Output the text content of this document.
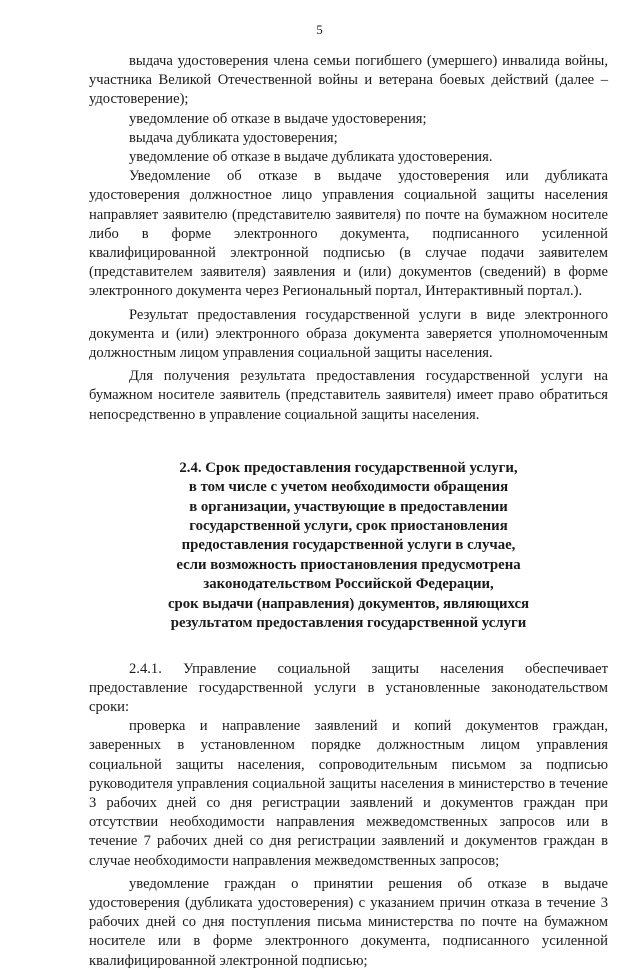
5

выдача удостоверения члена семьи погибшего (умершего) инвалида войны, участника Великой Отечественной войны и ветерана боевых действий (далее – удостоверение);

уведомление об отказе в выдаче удостоверения;

выдача дубликата удостоверения;

уведомление об отказе в выдаче дубликата удостоверения.

Уведомление об отказе в выдаче удостоверения или дубликата удостоверения должностное лицо управления социальной защиты населения направляет заявителю (представителю заявителя) по почте на бумажном носителе либо в форме электронного документа, подписанного усиленной квалифицированной электронной подписью (в случае подачи заявителем (представителем заявителя) заявления и (или) документов (сведений) в форме электронного документа через Региональный портал, Интерактивный портал.).

Результат предоставления государственной услуги в виде электронного документа и (или) электронного образа документа заверяется уполномоченным должностным лицом управления социальной защиты населения.

Для получения результата предоставления государственной услуги на бумажном носителе заявитель (представитель заявителя) имеет право обратиться непосредственно в управление социальной защиты населения.

2.4. Срок предоставления государственной услуги,
в том числе с учетом необходимости обращения
в организации, участвующие в предоставлении
государственной услуги, срок приостановления
предоставления государственной услуги в случае,
если возможность приостановления предусмотрена
законодательством Российской Федерации,
срок выдачи (направления) документов, являющихся
результатом предоставления государственной услуги

2.4.1. Управление социальной защиты населения обеспечивает предоставление государственной услуги в установленные законодательством сроки:

проверка и направление заявлений и копий документов граждан, заверенных в установленном порядке должностным лицом управления социальной защиты населения, сопроводительным письмом за подписью руководителя управления социальной защиты населения в министерство в течение 3 рабочих дней со дня регистрации заявлений и документов граждан при отсутствии необходимости направления межведомственных запросов или в течение 7 рабочих дней со дня регистрации заявлений и документов граждан в случае необходимости направления межведомственных запросов;

уведомление граждан о принятии решения об отказе в выдаче удостоверения (дубликата удостоверения) с указанием причин отказа в течение 3 рабочих дней со дня поступления письма министерства по почте на бумажном носителе или в форме электронного документа, подписанного усиленной квалифицированной электронной подписью;
